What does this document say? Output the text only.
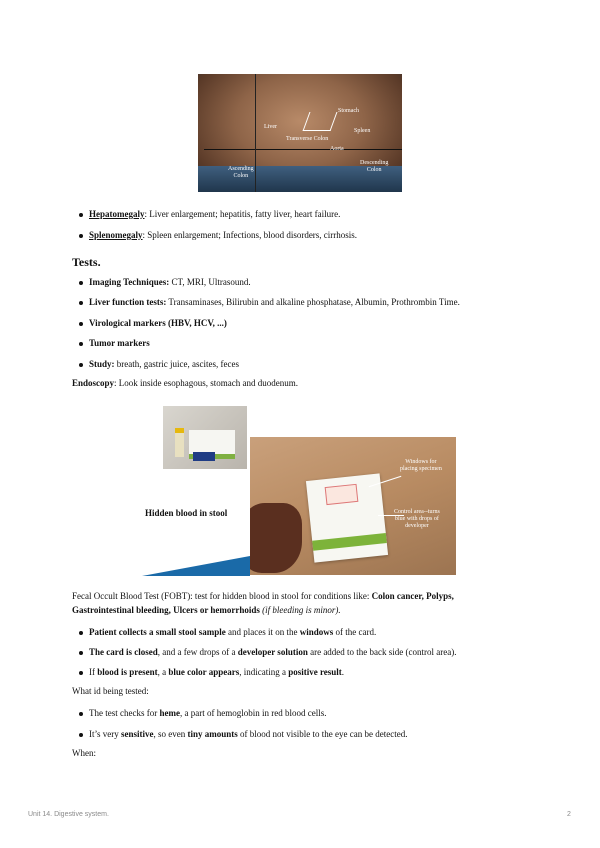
Liver
Stomach
Spleen
Transverse Colon
Aorta
Ascending
Colon
Descending
Colon
Hepatomegaly: Liver enlargement; hepatitis, fatty liver, heart failure.
Splenomegaly: Spleen enlargement; Infections, blood disorders, cirrhosis.
Tests.
Imaging Techniques: CT, MRI, Ultrasound.
Liver function tests: Transaminases, Bilirubin and alkaline phosphatase, Albumin, Prothrombin Time.
Virological markers (HBV, HCV, ...)
Tumor markers
Study: breath, gastric juice, ascites, feces
Endoscopy: Look inside esophagous, stomach and duodenum.
Hidden blood in stool
Windows for
placing specimen
Control area--turns
blue with drops of
developer
Fecal Occult Blood Test (FOBT): test for hidden blood in stool for conditions like: Colon cancer, Polyps,
Gastrointestinal bleeding, Ulcers or hemorrhoids (if bleeding is minor).
Patient collects a small stool sample and places it on the windows of the card.
The card is closed, and a few drops of a developer solution are added to the back side (control area).
If blood is present, a blue color appears, indicating a positive result.
What id being tested:
The test checks for heme, a part of hemoglobin in red blood cells.
It’s very sensitive, so even tiny amounts of blood not visible to the eye can be detected.
When:
Unit 14. Digestive system.	2
